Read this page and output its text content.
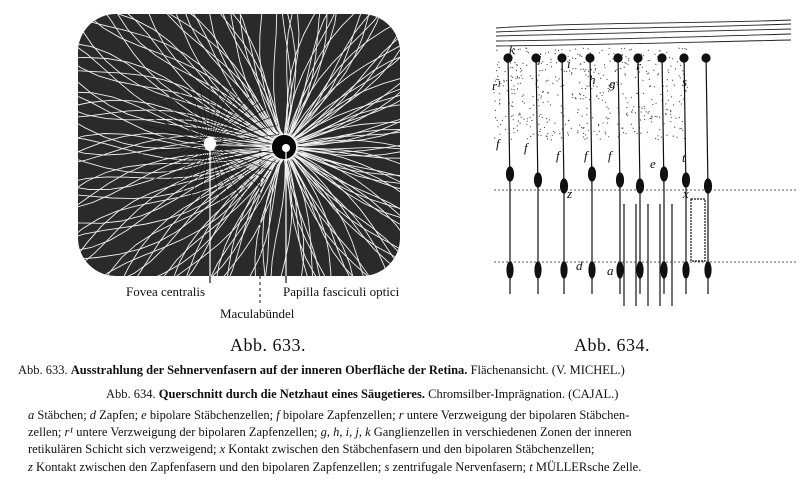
Fovea centralis	Papilla fasciculi optici
Maculabündel
Abb. 633.
k
j i
h g
r
s
r¹
f f
f f f
e t
x
z
d a
Abb. 634.
Abb. 633. Ausstrahlung der Sehnervenfasern auf der inneren Oberfläche der Retina. Flächenansicht. (V. MICHEL.)
Abb. 634. Querschnitt durch die Netzhaut eines Säugetieres. Chromsilber-Imprägnation. (CAJAL.)
a Stäbchen; d Zapfen; e bipolare Stäbchenzellen; f bipolare Zapfenzellen; r untere Verzweigung der bipolaren Stäbchen-
zellen; r¹ untere Verzweigung der bipolaren Zapfenzellen; g, h, i, j, k Ganglienzellen in verschiedenen Zonen der inneren
retikulären Schicht sich verzweigend; x Kontakt zwischen den Stäbchenfasern und den bipolaren Stäbchenzellen;
z Kontakt zwischen den Zapfenfasern und den bipolaren Zapfenzellen; s zentrifugale Nervenfasern; t MÜLLERsche Zelle.
